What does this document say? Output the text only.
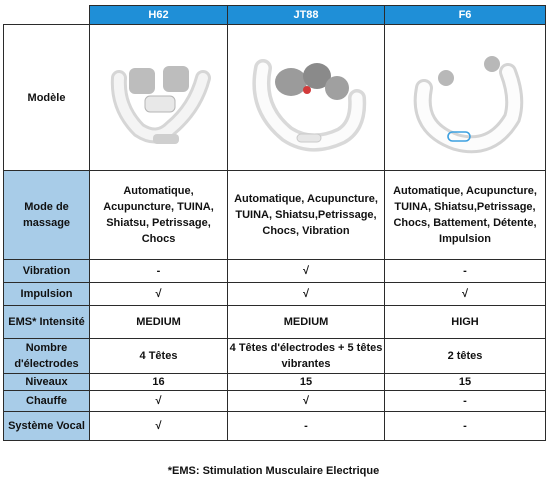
	H62	JT88	F6
Modèle	

Mode de massage	Automatique, Acupuncture, TUINA, Shiatsu, Petrissage, Chocs	Automatique, Acupuncture, TUINA, Shiatsu,Petrissage, Chocs, Vibration	Automatique, Acupuncture, TUINA, Shiatsu,Petrissage, Chocs, Battement, Détente, Impulsion
Vibration	-	√	-
Impulsion	√	√	√
EMS* Intensité	MEDIUM	MEDIUM	HIGH
Nombre d'électrodes	4 Têtes	4 Têtes d'électrodes + 5 têtes vibrantes	2 têtes
Niveaux	16	15	15
Chauffe	√	√	-
Système Vocal	√	-	-
*EMS: Stimulation Musculaire Electrique
